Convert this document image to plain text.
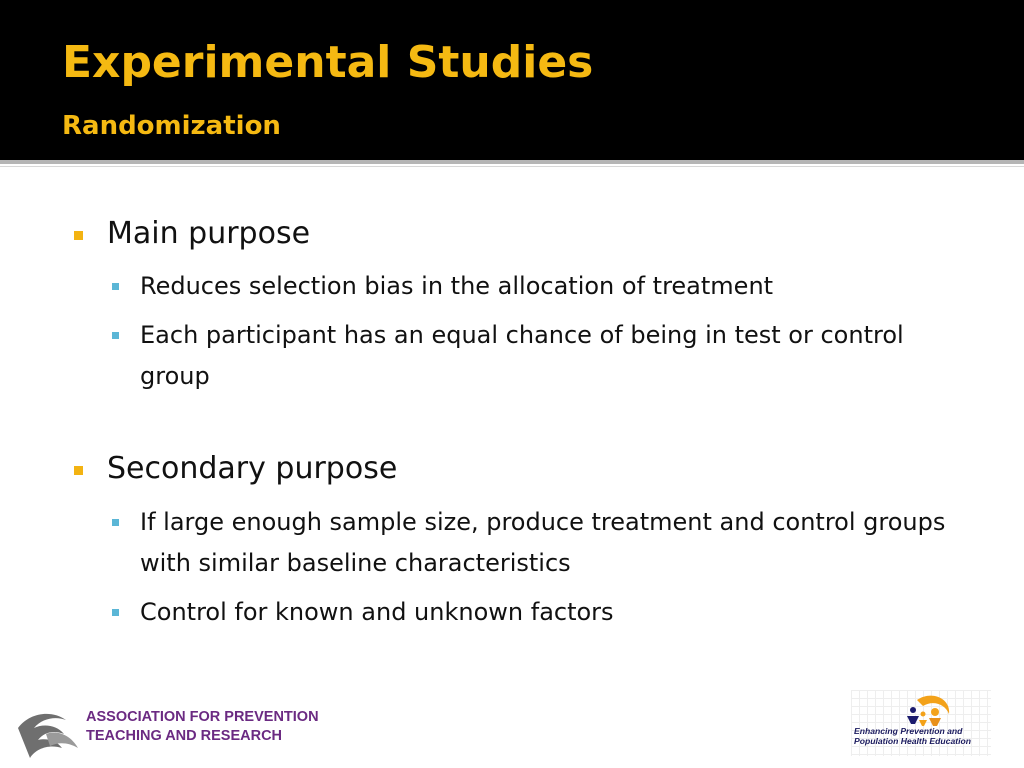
Experimental Studies
Randomization
Main purpose
Reduces selection bias in the allocation of treatment
Each participant has an equal chance of being in test or control group
Secondary purpose
If large enough sample size, produce treatment and control groups with similar baseline characteristics
Control for known and unknown factors
ASSOCIATION FOR PREVENTION
TEACHING AND RESEARCH	Enhancing Prevention and
Population Health Education
